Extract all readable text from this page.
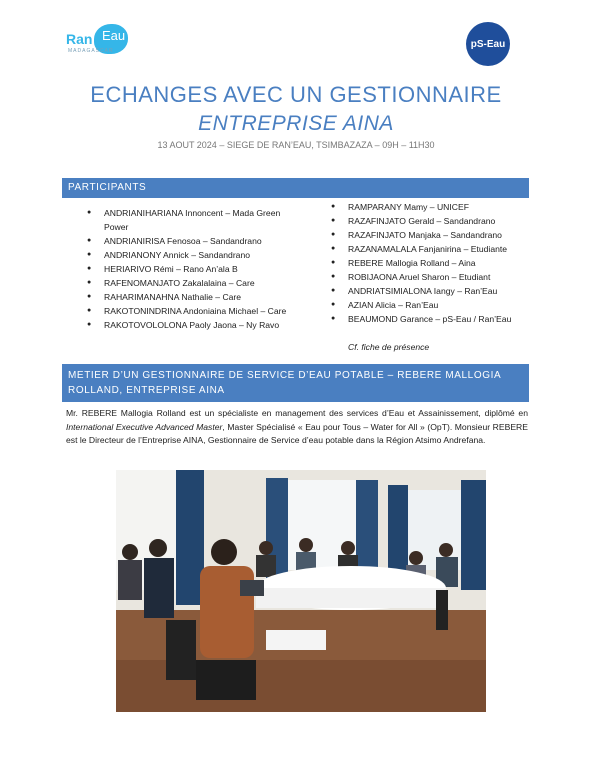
Ran Eau
MADAGASCAR
pS-Eau
ECHANGES AVEC UN GESTIONNAIRE
ENTREPRISE AINA
13 AOUT 2024 – SIEGE DE RAN’EAU, TSIMBAZAZA – 09H – 11H30
PARTICIPANTS
● ANDRIANIHARIANA Innoncent – Mada Green Power
● ANDRIANIRISA Fenosoa – Sandandrano
● ANDRIANONY Annick – Sandandrano
● HERIARIVO Rémi – Rano An’ala B
● RAFENOMANJATO Zakalalaina – Care
● RAHARIMANAHNA Nathalie – Care
● RAKOTONINDRINA Andoniaina Michael – Care
● RAKOTOVOLOLONA Paoly Jaona – Ny Ravo
● RAMPARANY Mamy – UNICEF
● RAZAFINJATO Gerald – Sandandrano
● RAZAFINJATO Manjaka – Sandandrano
● RAZANAMALALA Fanjanirina – Etudiante
● REBERE Mallogia Rolland – Aina
● ROBIJAONA Aruel Sharon – Etudiant
● ANDRIATSIMIALONA Iangy – Ran’Eau
● AZIAN Alicia – Ran’Eau
● BEAUMOND Garance – pS-Eau / Ran’Eau
Cf. fiche de présence
METIER D’UN GESTIONNAIRE DE SERVICE D’EAU POTABLE – REBERE MALLOGIA ROLLAND, ENTREPRISE AINA
Mr. REBERE Mallogia Rolland est un spécialiste en management des services d’Eau et Assainissement, diplômé en International Executive Advanced Master, Master Spécialisé « Eau pour Tous – Water for All » (OpT). Monsieur REBERE est le Directeur de l’Entreprise AINA, Gestionnaire de Service d’eau potable dans la Région Atsimo Andrefana.
